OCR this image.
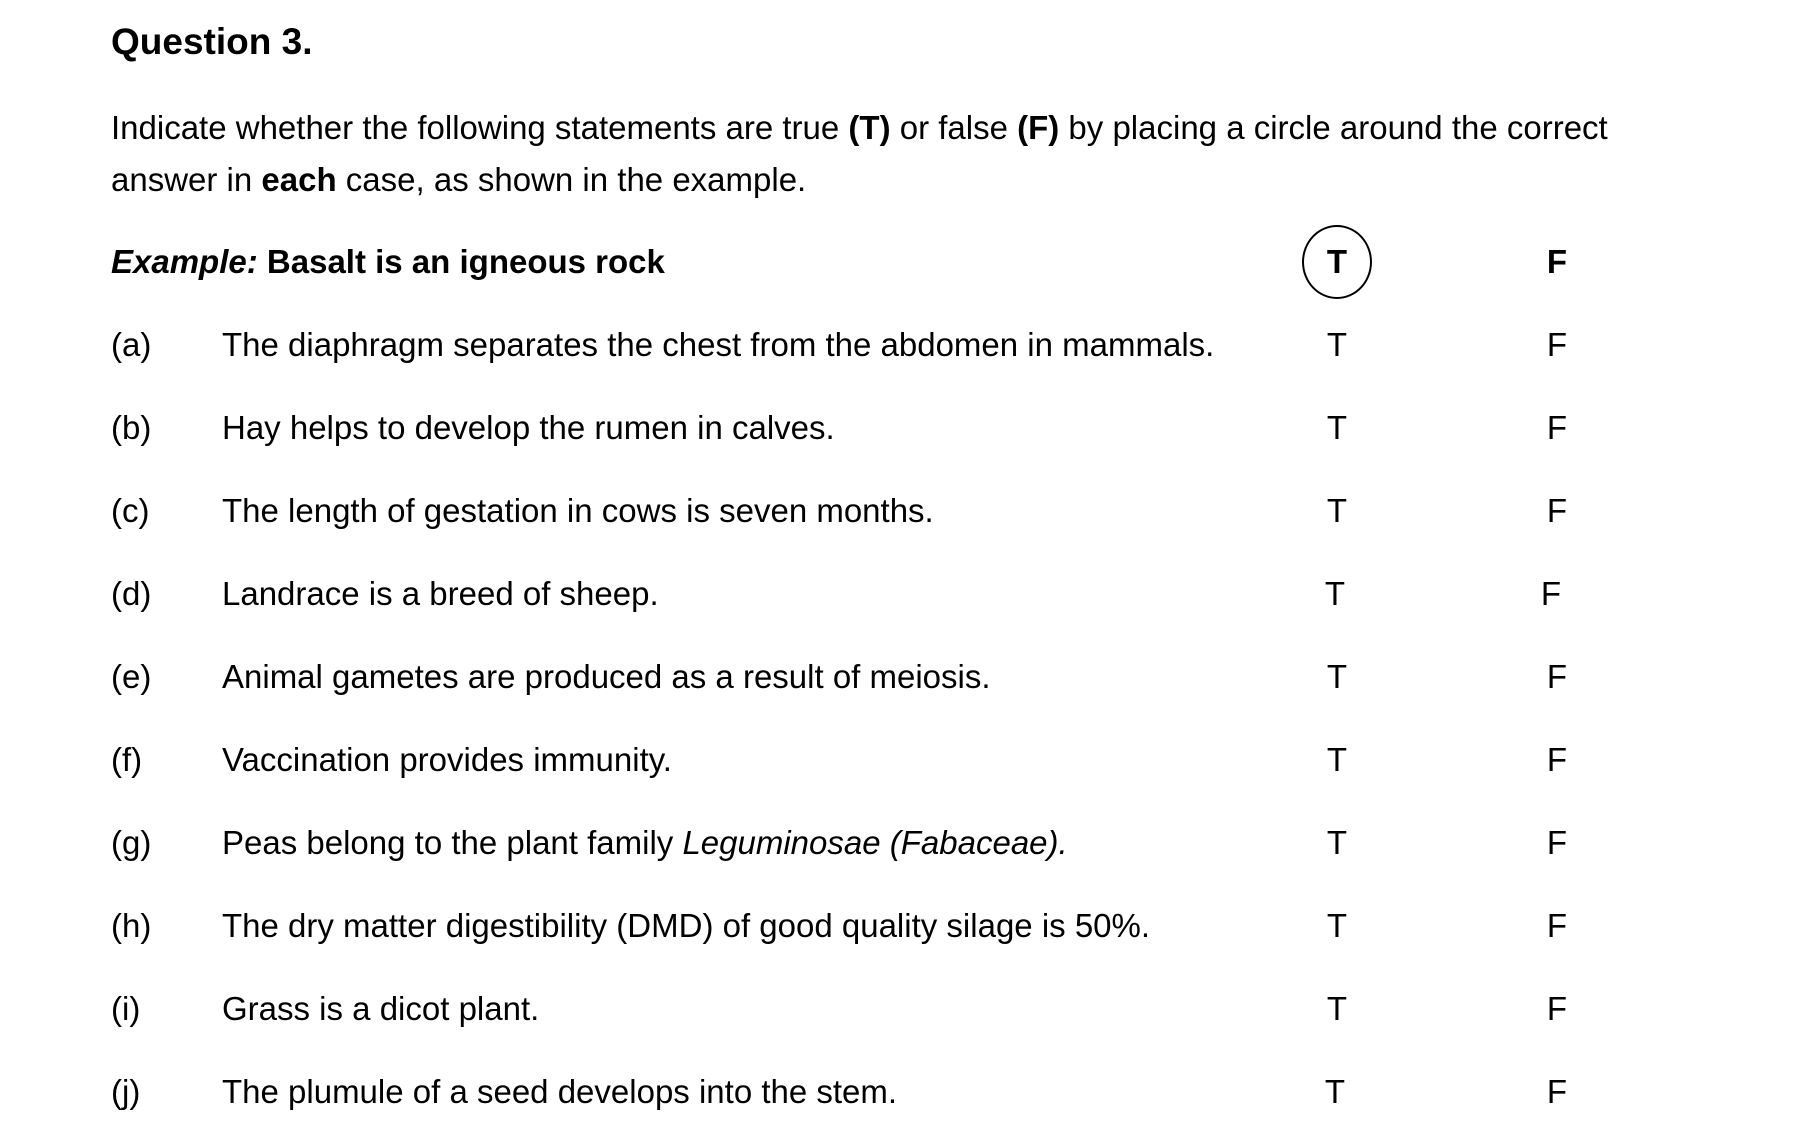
Question 3.
Indicate whether the following statements are true (T) or false (F) by placing a circle around the correct answer in each case, as shown in the example.
Example: Basalt is an igneous rock	T	F
(a) The diaphragm separates the chest from the abdomen in mammals.	T	F
(b) Hay helps to develop the rumen in calves.	T	F
(c) The length of gestation in cows is seven months.	T	F
(d) Landrace is a breed of sheep.	T	F
(e) Animal gametes are produced as a result of meiosis.	T	F
(f) Vaccination provides immunity.	T	F
(g) Peas belong to the plant family Leguminosae (Fabaceae).	T	F
(h) The dry matter digestibility (DMD) of good quality silage is 50%.	T	F
(i) Grass is a dicot plant.	T	F
(j) The plumule of a seed develops into the stem.	T	F
